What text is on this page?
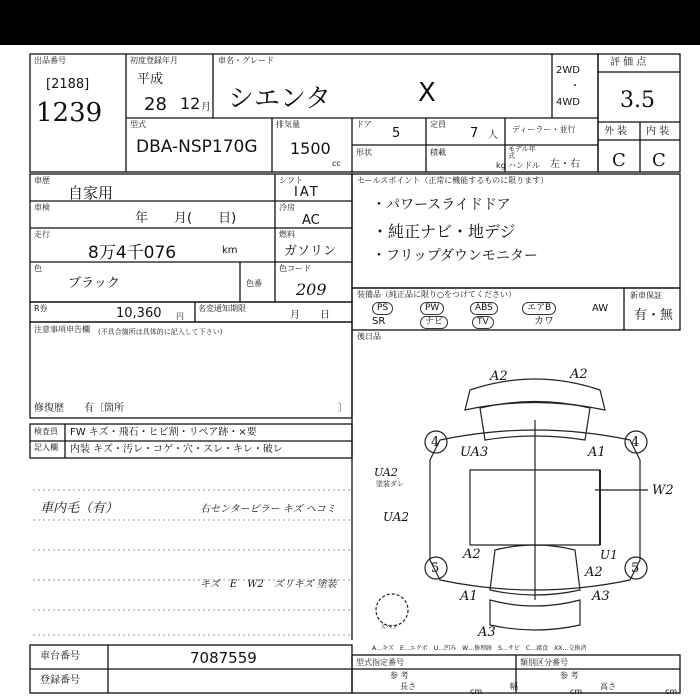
出品番号
[2188]
1239
初度登録年月
平成
28 12 月
車名・グレード
シエンタ	X
2WD
・
4WD
評 価 点
3.5
外 装 内 装
C C
型式
DBA-NSP170G
排気量
1500
cc
ドア
5
定員
7 人
ディーラー・並行
形状	積載
kg
モデル年式
ハンドル 左・右
車歴
自家用
車検
年　　月(　　日)
走行
8万4千076	km
色
ブラック	色番
色コード
209
シフト
IAT
冷房
AC
燃料
ガソリン
R券	10,360 円
名変通知期限
月　　日
注意事項申告欄 (不具合箇所は具体的に記入して下さい)
修復歴 有〔箇所	〕
セールスポイント（正常に機能するものに限ります）
・パワースライドドア
・純正ナビ・地デジ
・フリップダウンモニター
装備品（純正品に限り○をつけてください）
PS	PW	ABS	エアB	AW
SR	ナビ	TV	カワ
新車保証
有・無
後日品
検査員
記入欄
FW キズ・飛石・ヒビ割・リペア跡・×要
内装 キズ・汚レ・コゲ・穴・スレ・キレ・破レ
車内毛（有）	右センターピラー キズ ヘコミ
キズ　E　W2　ズリキズ 塗装
A2	A2
UA3	A1
4	4
UA2
塗装ダレ	W2
UA2
U1
A2
A2
5	5
A1	A3
A3
スペア
A…キズ　E…エクボ　U…凹み　W…修理跡　S…サビ　C…腐食　XX…交換済
車台番号	7087559
登録番号
型式指定番号	類別区分番号
参 考	参 考
長さ
cm
幅
cm
高さ
cm
